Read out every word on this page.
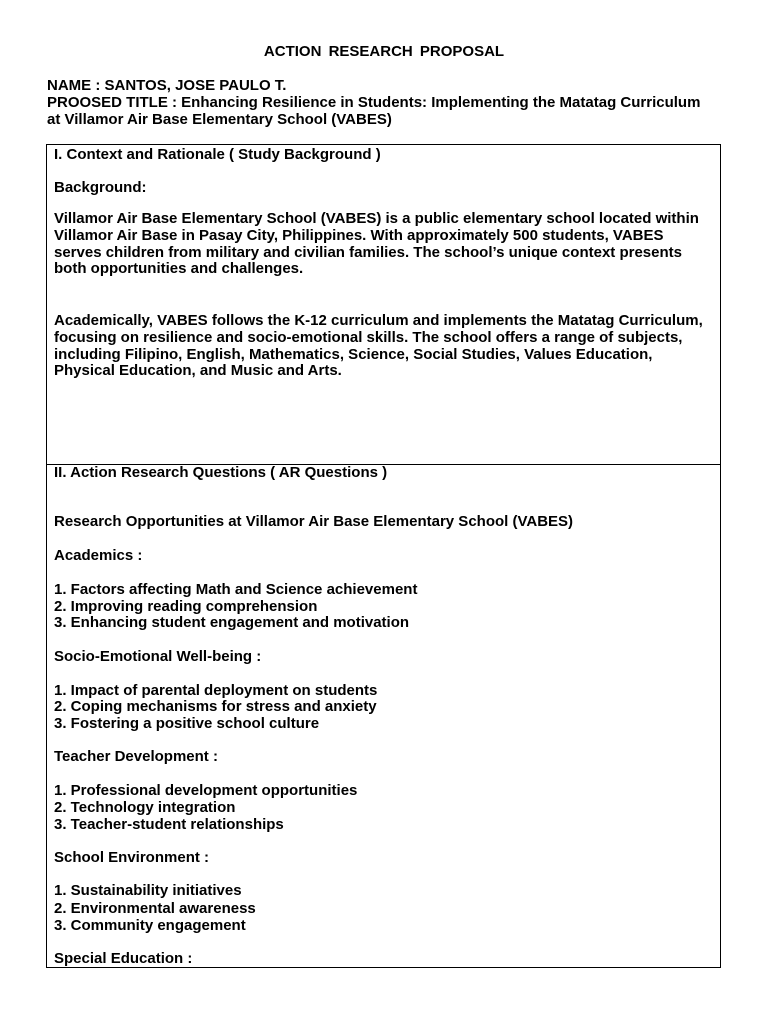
ACTION RESEARCH PROPOSAL
NAME : SANTOS, JOSE PAULO T.
PROOSED TITLE : Enhancing Resilience in Students: Implementing the Matatag Curriculum
at Villamor Air Base Elementary School (VABES)
I. Context and Rationale ( Study Background )
Background:

Villamor Air Base Elementary School (VABES) is a public elementary school located within Villamor Air Base in Pasay City, Philippines. With approximately 500 students, VABES serves children from military and civilian families. The school’s unique context presents both opportunities and challenges.

Academically, VABES follows the K-12 curriculum and implements the Matatag Curriculum, focusing on resilience and socio-emotional skills. The school offers a range of subjects, including Filipino, English, Mathematics, Science, Social Studies, Values Education, Physical Education, and Music and Arts.

II. Action Research Questions ( AR Questions )
Research Opportunities at Villamor Air Base Elementary School (VABES)
Academics :
1. Factors affecting Math and Science achievement
2. Improving reading comprehension
3. Enhancing student engagement and motivation
Socio-Emotional Well-being :
1. Impact of parental deployment on students
2. Coping mechanisms for stress and anxiety
3. Fostering a positive school culture
Teacher Development :
1. Professional development opportunities
2. Technology integration
3. Teacher-student relationships
School Environment :
1. Sustainability initiatives
2. Environmental awareness
3. Community engagement
Special Education :
